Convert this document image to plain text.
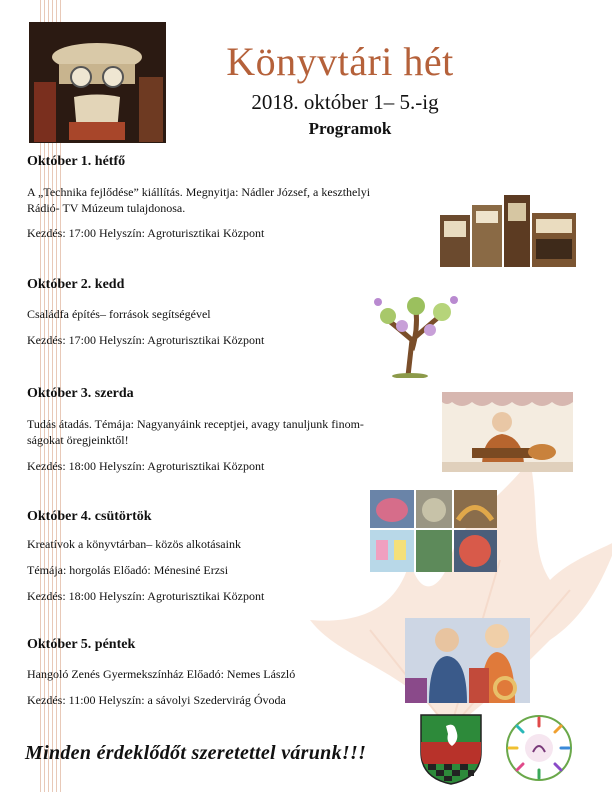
Könyvtári hét
2018. október 1– 5.-ig
Programok
Október 1. hétfő
A „Technika fejlődése” kiállítás. Megnyitja: Nádler József, a keszthelyi
Rádió- TV Múzeum tulajdonosa.
Kezdés: 17:00 Helyszín: Agroturisztikai Központ
Október 2. kedd
Családfa építés– források segítségével
Kezdés: 17:00 Helyszín: Agroturisztikai Központ
Október 3. szerda
Tudás átadás. Témája: Nagyanyáink receptjei, avagy tanuljunk finom-
ságokat öregjeinktől!
Kezdés: 18:00 Helyszín: Agroturisztikai Központ
Október 4. csütörtök
Kreatívok a könyvtárban– közös alkotásaink
Témája: horgolás Előadó: Ménesiné Erzsi
Kezdés: 18:00 Helyszín: Agroturisztikai Központ
Október 5. péntek
Hangoló Zenés Gyermekszínház Előadó: Nemes László
Kezdés: 11:00 Helyszín: a sávolyi Szedervirág Óvoda
Minden érdeklődőt szeretettel várunk!!!
